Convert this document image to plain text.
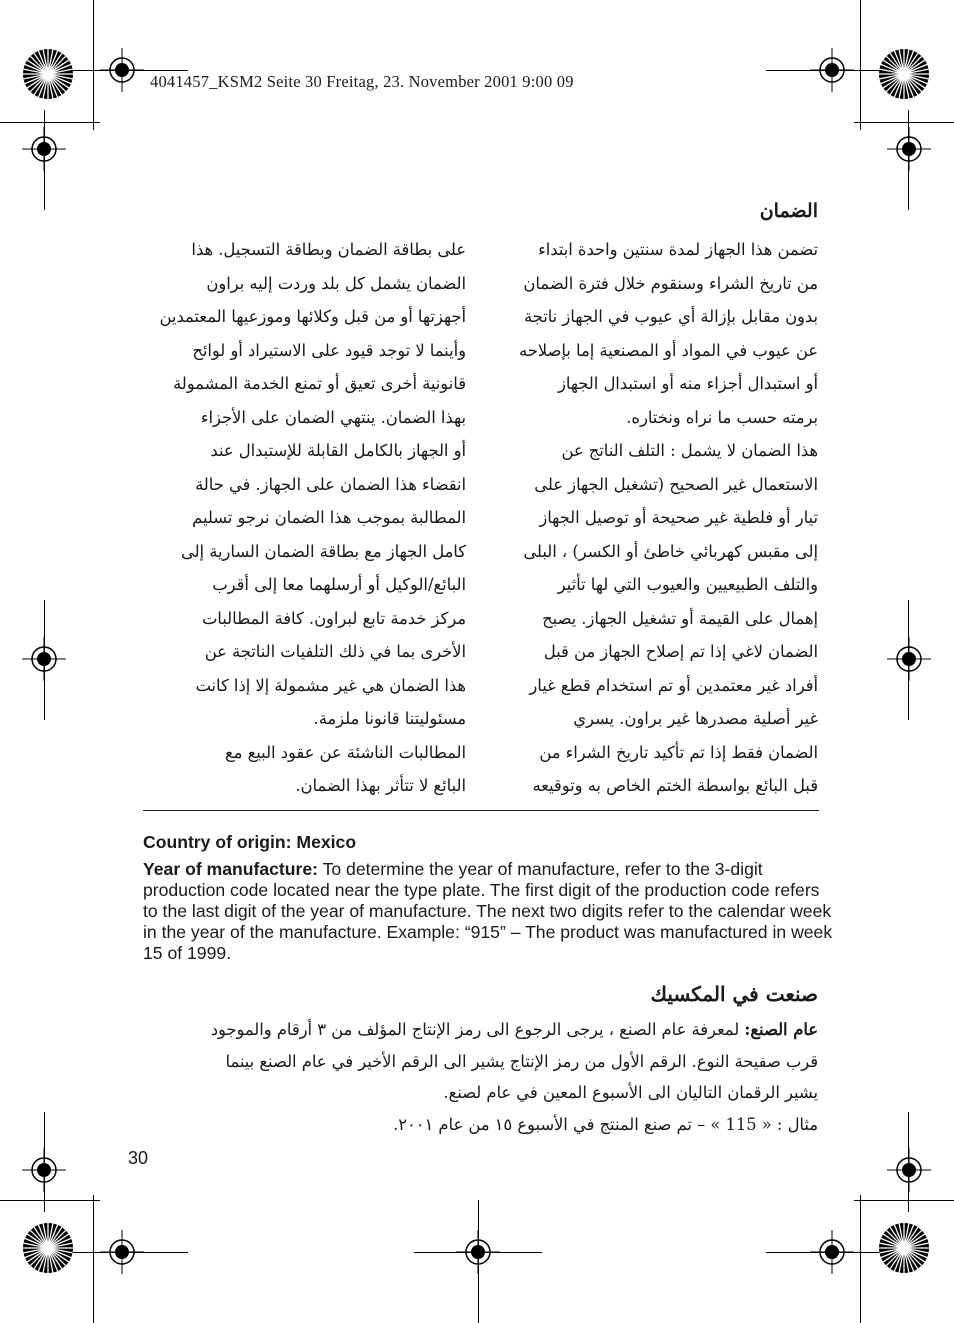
4041457_KSM2 Seite 30 Freitag, 23. November 2001 9:00 09
الضمان
تضمن هذا الجهاز لمدة سنتين واحدة ابتداء
من تاريخ الشراء وسنقوم خلال فترة الضمان
بدون مقابل بإزالة أي عيوب في الجهاز ناتجة
عن عيوب في المواد أو المصنعية إما بإصلاحه
أو استبدال أجزاء منه أو استبدال الجهاز
برمته حسب ما نراه ونختاره.
هذا الضمان لا يشمل : التلف الناتج عن
الاستعمال غير الصحيح (تشغيل الجهاز على
تيار أو فلطية غير صحيحة أو توصيل الجهاز
إلى مقبس كهربائي خاطئ أو الكسر) ، البلى
والتلف الطبيعيين والعيوب التي لها تأثير
إهمال على القيمة أو تشغيل الجهاز. يصبح
الضمان لاغي إذا تم إصلاح الجهاز من قبل
أفراد غير معتمدين أو تم استخدام قطع غيار
غير أصلية مصدرها غير براون. يسري
الضمان فقط إذا تم تأكيد تاريخ الشراء من
قبل البائع بواسطة الختم الخاص به وتوقيعه
على بطاقة الضمان وبطاقة التسجيل. هذا
الضمان يشمل كل بلد وردت إليه براون
أجهزتها أو من قبل وكلائها وموزعيها المعتمدين
وأينما لا توجد قيود على الاستيراد أو لوائح
قانونية أخرى تعيق أو تمنع الخدمة المشمولة
بهذا الضمان. ينتهي الضمان على الأجزاء
أو الجهاز بالكامل القابلة للإستبدال عند
انقضاء هذا الضمان على الجهاز. في حالة
المطالبة بموجب هذا الضمان نرجو تسليم
كامل الجهاز مع بطاقة الضمان السارية إلى
البائع/الوكيل أو أرسلهما معا إلى أقرب
مركز خدمة تابع لبراون. كافة المطالبات
الأخرى بما في ذلك التلفيات الناتجة عن
هذا الضمان هي غير مشمولة إلا إذا كانت
مسئوليتنا قانونا ملزمة.
المطالبات الناشئة عن عقود البيع مع
البائع لا تتأثر بهذا الضمان.
Country of origin: Mexico
Year of manufacture: To determine the year of manufacture, refer to the 3-digit production code located near the type plate. The first digit of the production code refers to the last digit of the year of manufacture. The next two digits refer to the calendar week in the year of the manufacture. Example: “915” – The product was manufactured in week 15 of 1999.
صنعت في المكسيك
عام الصنع: لمعرفة عام الصنع ، يرجى الرجوع الى رمز الإنتاج المؤلف من ٣ أرقام والموجود
قرب صفيحة النوع. الرقم الأول من رمز الإنتاج يشير الى الرقم الأخير في عام الصنع بينما
يشير الرقمان التاليان الى الأسبوع المعين في عام لصنع.
مثال : « 115 » – تم صنع المنتج في الأسبوع ١٥ من عام ٢٠٠١.
30
